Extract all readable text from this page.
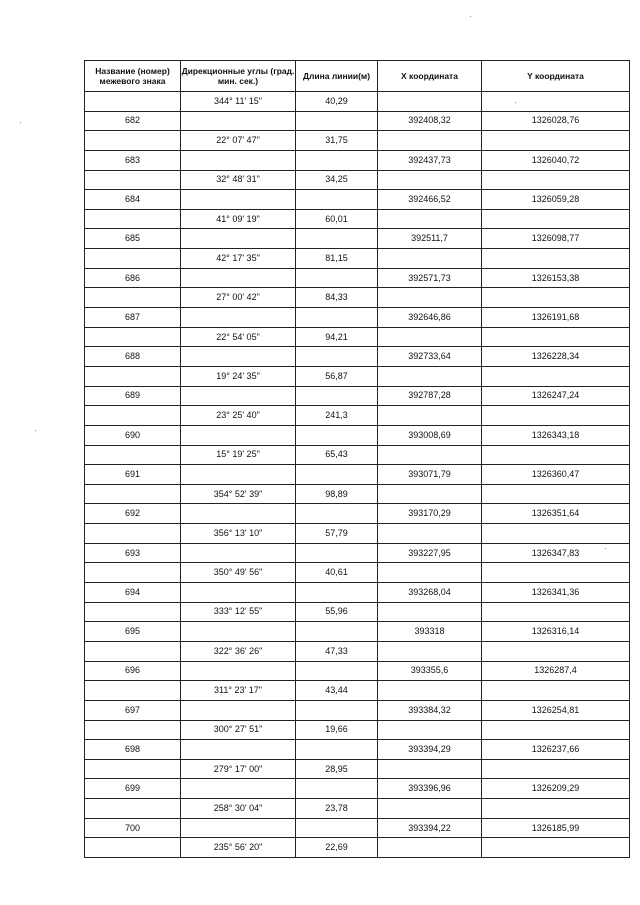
Название (номер) межевого знака	Дирекционные углы (град. мин. сек.)	Длина линии(м)	X координата	Y координата
	344° 11' 15"	40,29		
682			392408,32	1326028,76
	22° 07' 47"	31,75		
683			392437,73	1326040,72
	32° 48' 31"	34,25		
684			392466,52	1326059,28
	41° 09' 19"	60,01		
685			392511,7	1326098,77
	42° 17' 35"	81,15		
686			392571,73	1326153,38
	27° 00' 42"	84,33		
687			392646,86	1326191,68
	22° 54' 05"	94,21		
688			392733,64	1326228,34
	19° 24' 35"	56,87		
689			392787,28	1326247,24
	23° 25' 40"	241,3		
690			393008,69	1326343,18
	15° 19' 25"	65,43		
691			393071,79	1326360,47
	354° 52' 39"	98,89		
692			393170,29	1326351,64
	356° 13' 10"	57,79		
693			393227,95	1326347,83
	350° 49' 56"	40,61		
694			393268,04	1326341,36
	333° 12' 55"	55,96		
695			393318	1326316,14
	322° 36' 26"	47,33		
696			393355,6	1326287,4
	311° 23' 17"	43,44		
697			393384,32	1326254,81
	300° 27' 51"	19,66		
698			393394,29	1326237,66
	279° 17' 00"	28,95		
699			393396,96	1326209,29
	258° 30' 04"	23,78		
700			393394,22	1326185,99
	235° 56' 20"	22,69		
